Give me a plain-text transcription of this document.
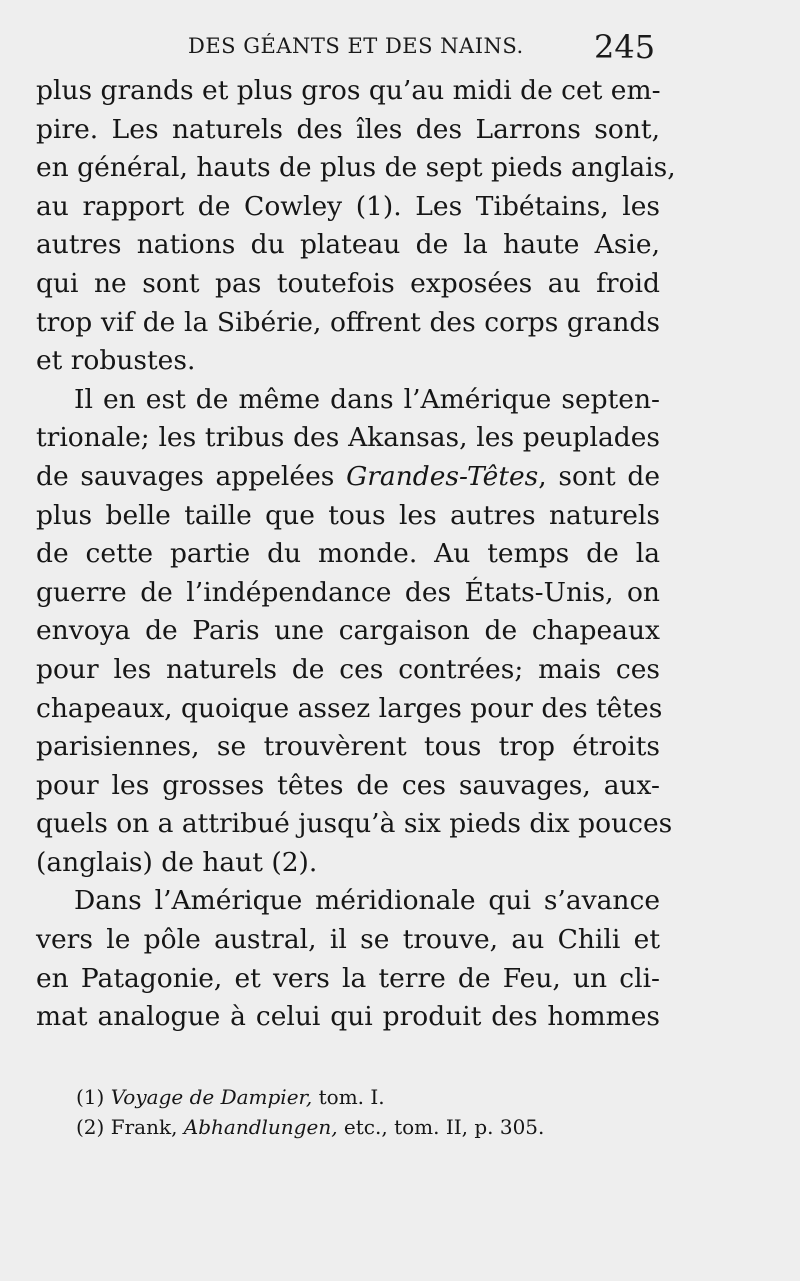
DES GÉANTS ET DES NAINS. 245
plus grands et plus gros qu’au midi de cet em-
pire. Les naturels des îles des Larrons sont,
en général, hauts de plus de sept pieds anglais,
au rapport de Cowley (1). Les Tibétains, les
autres nations du plateau de la haute Asie,
qui ne sont pas toutefois exposées au froid
trop vif de la Sibérie, offrent des corps grands
et robustes.
Il en est de même dans l’Amérique septen-
trionale; les tribus des Akansas, les peuplades
de sauvages appelées Grandes-Têtes, sont de
plus belle taille que tous les autres naturels
de cette partie du monde. Au temps de la
guerre de l’indépendance des États-Unis, on
envoya de Paris une cargaison de chapeaux
pour les naturels de ces contrées; mais ces
chapeaux, quoique assez larges pour des têtes
parisiennes, se trouvèrent tous trop étroits
pour les grosses têtes de ces sauvages, aux-
quels on a attribué jusqu’à six pieds dix pouces
(anglais) de haut (2).
Dans l’Amérique méridionale qui s’avance
vers le pôle austral, il se trouve, au Chili et
en Patagonie, et vers la terre de Feu, un cli-
mat analogue à celui qui produit des hommes
(1) Voyage de Dampier, tom. I.
(2) Frank, Abhandlungen, etc., tom. II, p. 305.
